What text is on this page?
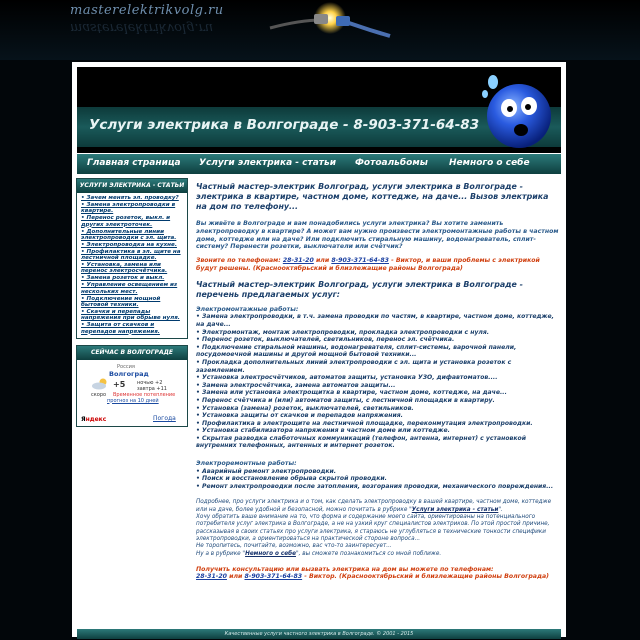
masterelektrikvolg.ru
masterelektrikvolg.ru
Услуги электрика в Волгограде - 8-903-371-64-83
Главная страница Услуги электрика - статьи Фотоальбомы Немного о себе
УСЛУГИ ЭЛЕКТРИКА - СТАТЬИ
• Зачем менять эл. проводку?
• Замена электропроводки в квартире.
• Перенос розеток, выкл. и других электроточек.
• Дополнительные линии электропроводки с эл. щита.
• Электропроводка на кухне.
• Профилактика в эл. щите на лестничной площадке.
• Установка, замена или перенос электросчётчика.
• Замена розеток и выкл.
• Управление освещением из нескольких мест.
• Подключение мощной бытовой техники.
• Скачки и перепады напряжения при обрыве нуля.
• Защита от скачков и перепадов напряжения.
СЕЙЧАС В ВОЛГОГРАДЕ
Россия
Волгоград
+5 ночью +2
завтра +11
скоро Временное потепление
прогноз на 10 дней
Яндекс	Погода
Частный мастер-электрик Волгоград, услуги электрика в Волгограде - электрика в квартире, частном доме, коттедже, на даче... Вызов электрика на дом по телефону...
Вы живёте в Волгограде и вам понадобились услуги электрика? Вы хотите заменить электропроводку в квартире? А может вам нужно произвести электромонтажные работы в частном доме, коттедже или на даче? Или подключить стиральную машину, водонагреватель, сплит-систему? Перенести розетки, выключатели или счётчик?
Звоните по телефонам: 28-31-20 или 8-903-371-64-83 - Виктор, и ваши проблемы с электрикой будут решены. (Краснооктябрьский и близлежащие районы Волгограда)
Частный мастер-электрик Волгоград, услуги электрика в Волгограде - перечень предлагаемых услуг:
Электромонтажные работы:
• Замена электропроводки, в т.ч. замена проводки по частям, в квартире, частном доме, коттедже, на даче...
• Электромонтаж, монтаж электропроводки, прокладка электропроводки с нуля.
• Перенос розеток, выключателей, светильников, перенос эл. счётчика.
• Подключение стиральной машины, водонагревателя, сплит-системы, варочной панели, посудомоечной машины и другой мощной бытовой техники...
• Прокладка дополнительных линий электропроводки с эл. щита и установка розеток с заземлением.
• Установка электросчётчиков, автоматов защиты, установка УЗО, дифавтоматов....
• Замена электросчётчика, замена автоматов защиты...
• Замена или установка электрощитка в квартире, частном доме, коттедже, на даче...
• Перенос счётчика и (или) автоматов защиты, с лестничной площадки в квартиру.
• Установка (замена) розеток, выключателей, светильников.
• Установка защиты от скачков и перепадов напряжения.
• Профилактика в электрощите на лестничной площадке, переконмутация электропроводки.
• Установка стабилизатора напряжения в частном доме или коттедже.
• Скрытая разводка слаботочных коммуникаций (телефон, антенна, интернет) с установкой внутренних телефонных, антенных и интернет розеток.
Электроремонтные работы:
• Аварийный ремонт электропроводки.
• Поиск и восстановление обрыва скрытой проводки.
• Ремонт электропроводки после затопления, возгорания проводки, механического повреждения...
Подробнее, про услуги электрика и о том, как сделать электропроводку в вашей квартире, частном доме, коттедже или на даче, более удобной и безопасной, можно почитать в рубрике "Услуги электрика - статьи".
Хочу обратить ваше внимание на то, что форма и содержание моего сайта, ориентированы на потенциального потребителя услуг электрика в Волгограде, а не на узкий круг специалистов электриков. По этой простой причине, рассказывая в своих статьях про услуги электрика, я стараюсь не углубляться в технические тонкости специфики электропроводки, а ориентироваться на практической стороне вопроса...
Не торопитесь, почитайте, возможно, вас что-то заинтересует...
Ну а в рубрике "Немного о себе", вы сможете познакомиться со мной поближе.
Получить консультацию или вызвать электрика на дом вы можете по телефонам:
28-31-20 или 8-903-371-64-83 - Виктор. (Краснооктябрьский и близлежащие районы Волгограда)
Качественные услуги частного электрика в Волгограде. © 2001 - 2015
